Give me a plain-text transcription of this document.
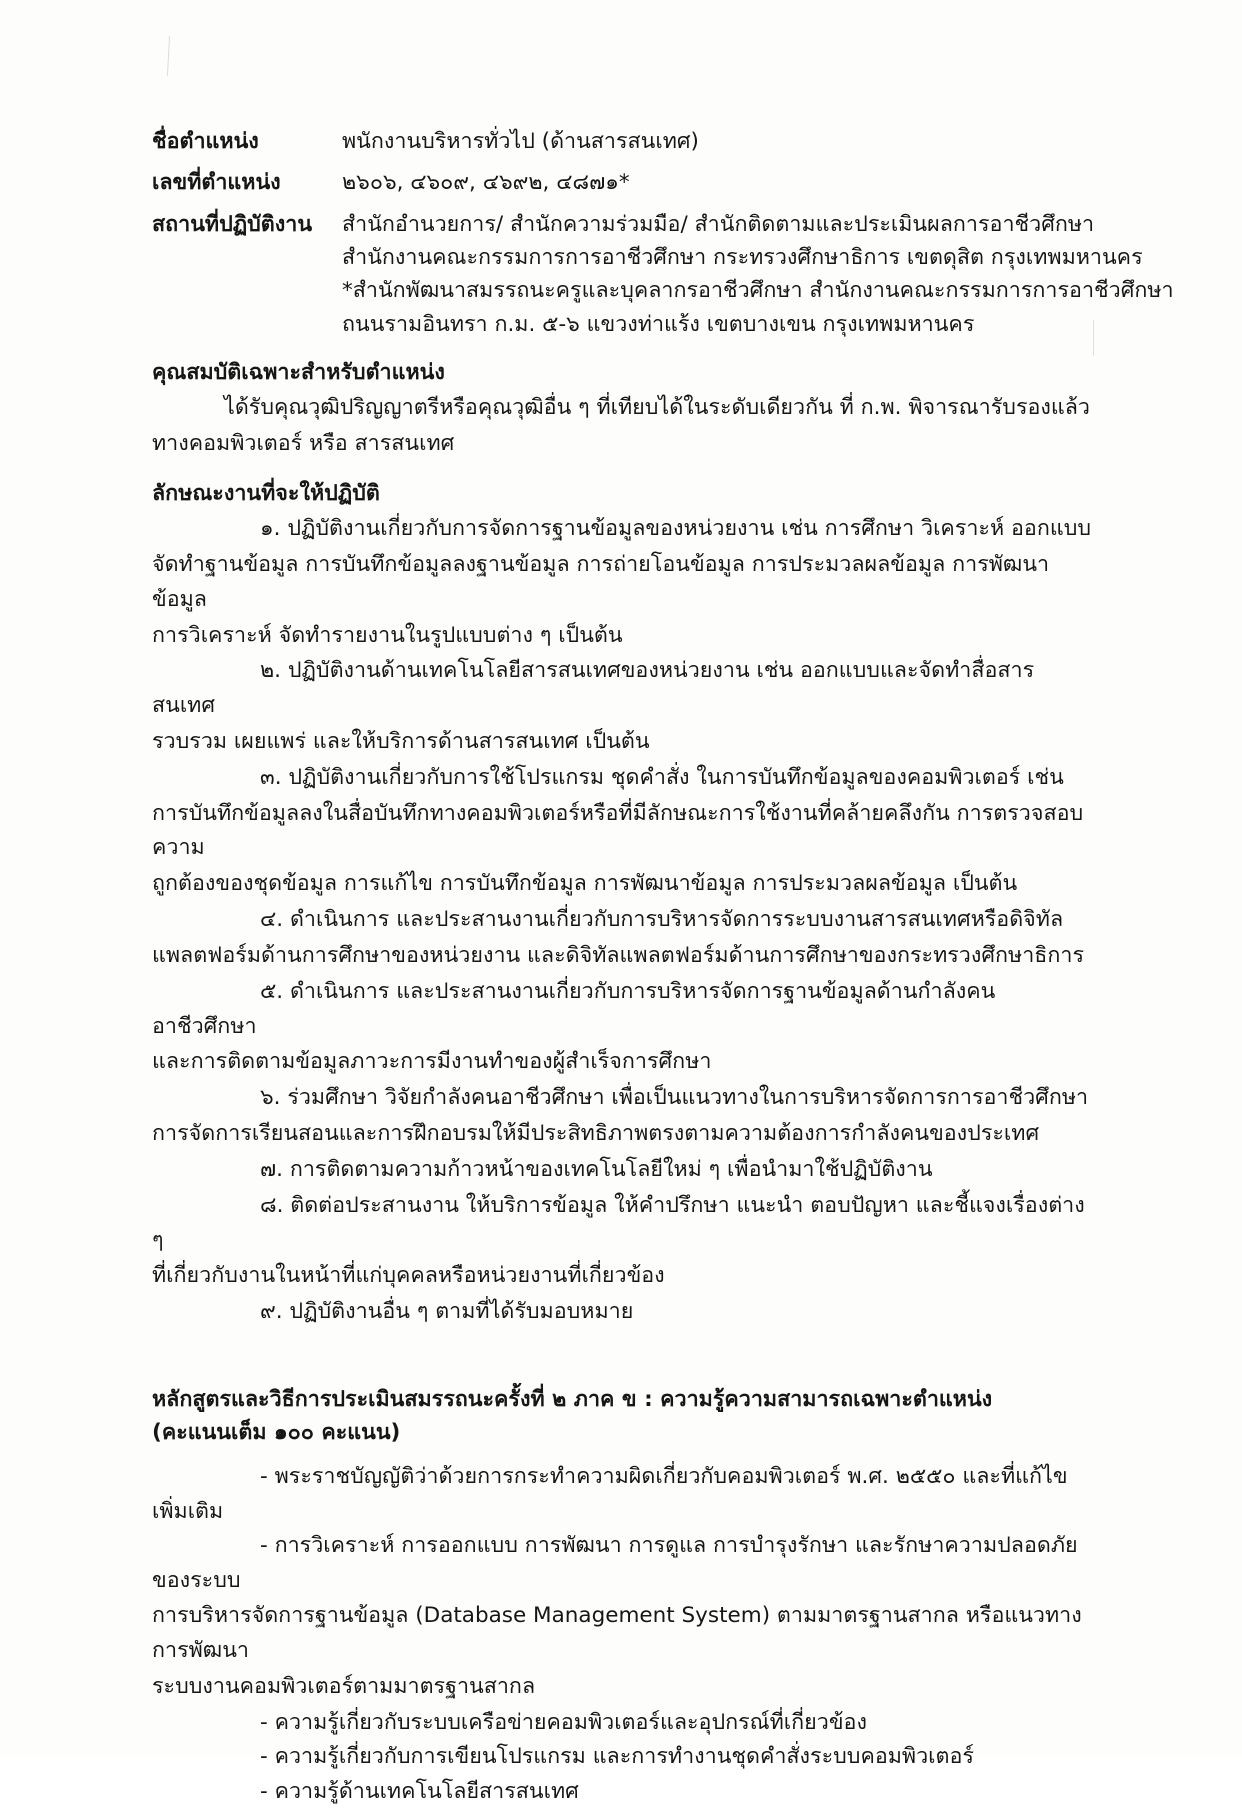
ชื่อตำแหน่ง	พนักงานบริหารทั่วไป (ด้านสารสนเทศ)
เลขที่ตำแหน่ง	๒๖๐๖, ๔๖๐๙, ๔๖๙๒, ๔๘๗๑*
สถานที่ปฏิบัติงาน	สำนักอำนวยการ/ สำนักความร่วมมือ/ สำนักติดตามและประเมินผลการอาชีวศึกษา
สำนักงานคณะกรรมการการอาชีวศึกษา กระทรวงศึกษาธิการ เขตดุสิต กรุงเทพมหานคร
*สำนักพัฒนาสมรรถนะครูและบุคลากรอาชีวศึกษา สำนักงานคณะกรรมการการอาชีวศึกษา
ถนนรามอินทรา ก.ม. ๕-๖ แขวงท่าแร้ง เขตบางเขน กรุงเทพมหานคร
คุณสมบัติเฉพาะสำหรับตำแหน่ง
ได้รับคุณวุฒิปริญญาตรีหรือคุณวุฒิอื่น ๆ ที่เทียบได้ในระดับเดียวกัน ที่ ก.พ. พิจารณารับรองแล้ว
ทางคอมพิวเตอร์ หรือ สารสนเทศ
ลักษณะงานที่จะให้ปฏิบัติ
๑. ปฏิบัติงานเกี่ยวกับการจัดการฐานข้อมูลของหน่วยงาน เช่น การศึกษา วิเคราะห์ ออกแบบ
จัดทำฐานข้อมูล การบันทึกข้อมูลลงฐานข้อมูล การถ่ายโอนข้อมูล การประมวลผลข้อมูล การพัฒนาข้อมูล
การวิเคราะห์ จัดทำรายงานในรูปแบบต่าง ๆ เป็นต้น
๒. ปฏิบัติงานด้านเทคโนโลยีสารสนเทศของหน่วยงาน เช่น ออกแบบและจัดทำสื่อสารสนเทศ
รวบรวม เผยแพร่ และให้บริการด้านสารสนเทศ เป็นต้น
๓. ปฏิบัติงานเกี่ยวกับการใช้โปรแกรม ชุดคำสั่ง ในการบันทึกข้อมูลของคอมพิวเตอร์ เช่น
การบันทึกข้อมูลลงในสื่อบันทึกทางคอมพิวเตอร์หรือที่มีลักษณะการใช้งานที่คล้ายคลึงกัน การตรวจสอบความ
ถูกต้องของชุดข้อมูล การแก้ไข การบันทึกข้อมูล การพัฒนาข้อมูล การประมวลผลข้อมูล เป็นต้น
๔. ดำเนินการ และประสานงานเกี่ยวกับการบริหารจัดการระบบงานสารสนเทศหรือดิจิทัล
แพลตฟอร์มด้านการศึกษาของหน่วยงาน และดิจิทัลแพลตฟอร์มด้านการศึกษาของกระทรวงศึกษาธิการ
๕. ดำเนินการ และประสานงานเกี่ยวกับการบริหารจัดการฐานข้อมูลด้านกำลังคนอาชีวศึกษา
และการติดตามข้อมูลภาวะการมีงานทำของผู้สำเร็จการศึกษา
๖. ร่วมศึกษา วิจัยกำลังคนอาชีวศึกษา เพื่อเป็นแนวทางในการบริหารจัดการการอาชีวศึกษา
การจัดการเรียนสอนและการฝึกอบรมให้มีประสิทธิภาพตรงตามความต้องการกำลังคนของประเทศ
๗. การติดตามความก้าวหน้าของเทคโนโลยีใหม่ ๆ เพื่อนำมาใช้ปฏิบัติงาน
๘. ติดต่อประสานงาน ให้บริการข้อมูล ให้คำปรึกษา แนะนำ ตอบปัญหา และชี้แจงเรื่องต่าง ๆ
ที่เกี่ยวกับงานในหน้าที่แก่บุคคลหรือหน่วยงานที่เกี่ยวข้อง
๙. ปฏิบัติงานอื่น ๆ ตามที่ได้รับมอบหมาย
หลักสูตรและวิธีการประเมินสมรรถนะครั้งที่ ๒ ภาค ข : ความรู้ความสามารถเฉพาะตำแหน่ง
(คะแนนเต็ม ๑๐๐ คะแนน)
- พระราชบัญญัติว่าด้วยการกระทำความผิดเกี่ยวกับคอมพิวเตอร์ พ.ศ. ๒๕๕๐ และที่แก้ไขเพิ่มเติม
- การวิเคราะห์ การออกแบบ การพัฒนา การดูแล การบำรุงรักษา และรักษาความปลอดภัยของระบบ
การบริหารจัดการฐานข้อมูล (Database Management System) ตามมาตรฐานสากล หรือแนวทางการพัฒนา
ระบบงานคอมพิวเตอร์ตามมาตรฐานสากล
- ความรู้เกี่ยวกับระบบเครือข่ายคอมพิวเตอร์และอุปกรณ์ที่เกี่ยวข้อง
- ความรู้เกี่ยวกับการเขียนโปรแกรม และการทำงานชุดคำสั่งระบบคอมพิวเตอร์
- ความรู้ด้านเทคโนโลยีสารสนเทศ
